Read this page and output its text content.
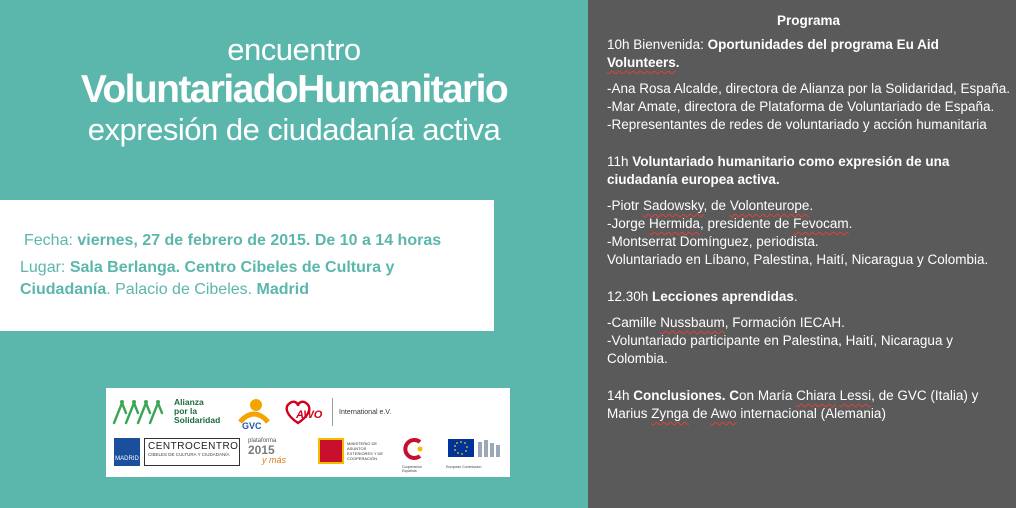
encuentro
VoluntariadoHumanitario
expresión de ciudadanía activa
Fecha: viernes, 27 de febrero de 2015. De 10 a 14 horas
Lugar: Sala Berlanga. Centro Cibeles de Cultura y Ciudadanía. Palacio de Cibeles. Madrid
Alianza
por la
Solidaridad
GVC
AWO International e.V.
MADRID
CENTROCENTRO
CIBELES DE CULTURA Y CIUDADANÍA
plataforma
2015
y más
MINISTERIO DE ASUNTOS EXTERIORES Y DE COOPERACIÓN
Cooperación Española
European Commission
Programa
10h Bienvenida: Oportunidades del programa Eu Aid
Volunteers.
-Ana Rosa Alcalde, directora de Alianza por la Solidaridad, España.
-Mar Amate, directora de Plataforma de Voluntariado de España.
-Representantes de redes de voluntariado y acción humanitaria
11h Voluntariado humanitario como expresión de una ciudadanía europea activa.
-Piotr Sadowsky, de Volonteurope.
-Jorge Hermida, presidente de Fevocam.
-Montserrat Domínguez, periodista.
Voluntariado en Líbano, Palestina, Haití, Nicaragua y Colombia.
12.30h Lecciones aprendidas.
-Camille Nussbaum, Formación IECAH.
-Voluntariado participante en Palestina, Haití, Nicaragua y Colombia.
14h Conclusiones. Con María Chiara Lessi, de GVC (Italia) y Marius Zynga de Awo internacional (Alemania)
